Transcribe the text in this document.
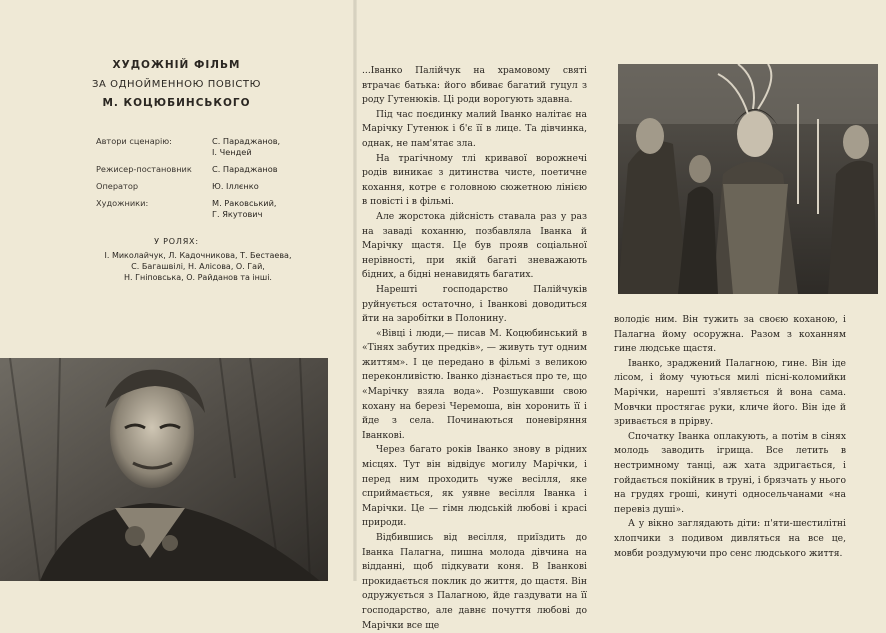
ХУДОЖНІЙ ФІЛЬМ
ЗА ОДНОЙМЕННОЮ ПОВІСТЮ
М. КОЦЮБИНСЬКОГО
Автори сценарію:	С. Параджанов,
І. Чендей
Режисер-постановник	С. Параджанов
Оператор	Ю. Іллєнко
Художники:	М. Раковський,
Г. Якутович
У РОЛЯХ:
І. Миколайчук, Л. Кадочникова, Т. Бестаева,
С. Багашвілі, Н. Алісова, О. Гай,
Н. Гніповська, О. Райданов та інші.

...Іванко Палійчук на храмовому святі втрачає батька: його вбиває багатий гуцул з роду Гутенюків. Ці роди ворогують здавна.

Під час поєдинку малий Іванко налітає на Марічку Гутенюк і б'є її в лице. Та дівчинка, однак, не пам'ятає зла.

На трагічному тлі кривавої ворожнечі родів виникає з дитинства чисте, поетичне кохання, котре є головною сюжетною лінією в повісті і в фільмі.

Але жорстока дійсність ставала раз у раз на заваді коханню, позбавляла Іванка й Марічку щастя. Це був прояв соціальної нерівності, при якій багаті зневажають бідних, а бідні ненавидять багатих.

Нарешті господарство Палійчуків руйнується остаточно, і Іванкові доводиться йти на заробітки в Полонину.

«Вівці і люди,— писав М. Коцюбинський в «Тінях забутих предків», — живуть тут одним життям». І це передано в фільмі з великою переконливістю. Іванко дізнається про те, що «Марічку взяла вода». Розшукавши свою кохану на березі Черемоша, він хоронить її і йде з села. Починаються поневіряння Іванкові.

Через багато років Іванко знову в рідних місцях. Тут він відвідує могилу Марічки, і перед ним проходить чуже весілля, яке сприймається, як уявне весілля Іванка і Марічки. Це — гімн людській любові і красі природи.

Відбившись від весілля, приїздить до Іванка Палагна, пишна молода дівчина на відданні, щоб підкувати коня. В Іванкові прокидається поклик до життя, до щастя. Він одружується з Палагною, йде газдувати на її господарство, але давнє почуття любові до Марічки все ще

володіє ним. Він тужить за своєю коханою, і Палагна йому осоружна. Разом з коханням гине людське щастя.

Іванко, зраджений Палагною, гине. Він іде лісом, і йому чуються милі пісні-коломийки Марічки, нарешті з'являється й вона сама. Мовчки простягає руки, кличе його. Він іде й зривається в прірву.

Спочатку Іванка оплакують, а потім в сінях молодь заводить ігрища. Все летить в нестримному танці, аж хата здригається, і гойдається покійник в труні, і брязчать у нього на грудях гроші, кинуті односельчанами «на перевіз душі».

А у вікно заглядають діти: п'яти-шестилітні хлопчики з подивом дивляться на все це, мовби роздумуючи про сенс людського життя.
